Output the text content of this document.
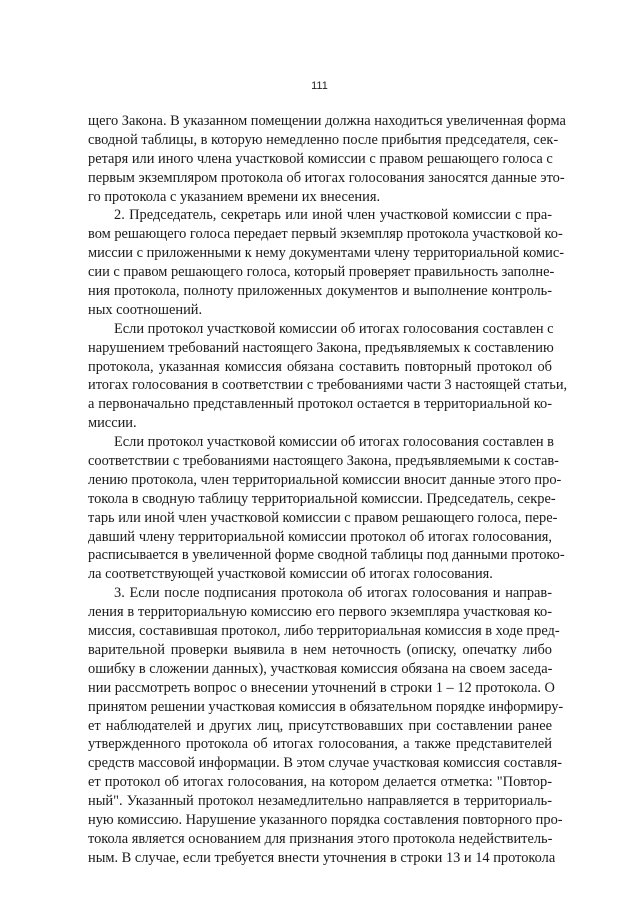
111
щего Закона. В указанном помещении должна находиться увеличенная форма
сводной таблицы, в которую немедленно после прибытия председателя, сек-
ретаря или иного члена участковой комиссии с правом решающего голоса с
первым экземпляром протокола об итогах голосования заносятся данные это-
го протокола с указанием времени их внесения.
2. Председатель, секретарь или иной член участковой комиссии с пра-
вом решающего голоса передает первый экземпляр протокола участковой ко-
миссии с приложенными к нему документами члену территориальной комис-
сии с правом решающего голоса, который проверяет правильность заполне-
ния протокола, полноту приложенных документов и выполнение контроль-
ных соотношений.
Если протокол участковой комиссии об итогах голосования составлен с
нарушением требований настоящего Закона, предъявляемых к составлению
протокола, указанная комиссия обязана составить повторный протокол об
итогах голосования в соответствии с требованиями части 3 настоящей статьи,
а первоначально представленный протокол остается в территориальной ко-
миссии.
Если протокол участковой комиссии об итогах голосования составлен в
соответствии с требованиями настоящего Закона, предъявляемыми к состав-
лению протокола, член территориальной комиссии вносит данные этого про-
токола в сводную таблицу территориальной комиссии. Председатель, секре-
тарь или иной член участковой комиссии с правом решающего голоса, пере-
давший члену территориальной комиссии протокол об итогах голосования,
расписывается в увеличенной форме сводной таблицы под данными протоко-
ла соответствующей участковой комиссии об итогах голосования.
3. Если после подписания протокола об итогах голосования и направ-
ления в территориальную комиссию его первого экземпляра участковая ко-
миссия, составившая протокол, либо территориальная комиссия в ходе пред-
варительной проверки выявила в нем неточность (описку, опечатку либо
ошибку в сложении данных), участковая комиссия обязана на своем заседа-
нии рассмотреть вопрос о внесении уточнений в строки 1 – 12 протокола. О
принятом решении участковая комиссия в обязательном порядке информиру-
ет наблюдателей и других лиц, присутствовавших при составлении ранее
утвержденного протокола об итогах голосования, а также представителей
средств массовой информации. В этом случае участковая комиссия составля-
ет протокол об итогах голосования, на котором делается отметка: "Повтор-
ный". Указанный протокол незамедлительно направляется в территориаль-
ную комиссию. Нарушение указанного порядка составления повторного про-
токола является основанием для признания этого протокола недействитель-
ным. В случае, если требуется внести уточнения в строки 13 и 14 протокола
